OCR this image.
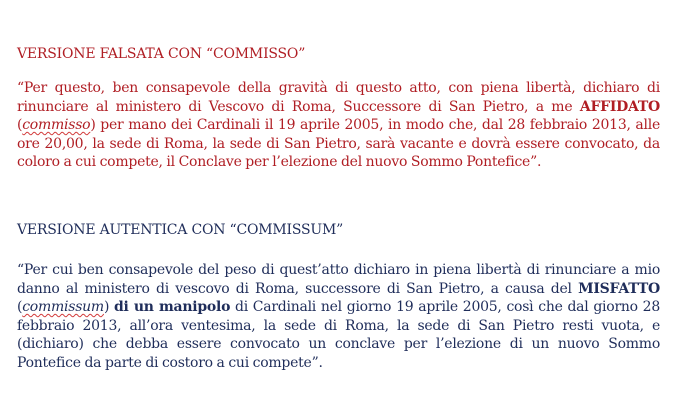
VERSIONE FALSATA CON “COMMISSO”
“Per questo, ben consapevole della gravità di questo atto, con piena libertà, dichiaro di rinunciare al ministero di Vescovo di Roma, Successore di San Pietro, a me AFFIDATO (commisso) per mano dei Cardinali il 19 aprile 2005, in modo che, dal 28 febbraio 2013, alle ore 20,00, la sede di Roma, la sede di San Pietro, sarà vacante e dovrà essere convocato, da coloro a cui compete, il Conclave per l’elezione del nuovo Sommo Pontefice”.
VERSIONE AUTENTICA CON “COMMISSUM”
“Per cui ben consapevole del peso di quest’atto dichiaro in piena libertà di rinunciare a mio danno al ministero di vescovo di Roma, successore di San Pietro, a causa del MISFATTO (commissum) di un manipolo di Cardinali nel giorno 19 aprile 2005, così che dal giorno 28 febbraio 2013, all’ora ventesima, la sede di Roma, la sede di San Pietro resti vuota, e (dichiaro) che debba essere convocato un conclave per l’elezione di un nuovo Sommo Pontefice da parte di costoro a cui compete”.
